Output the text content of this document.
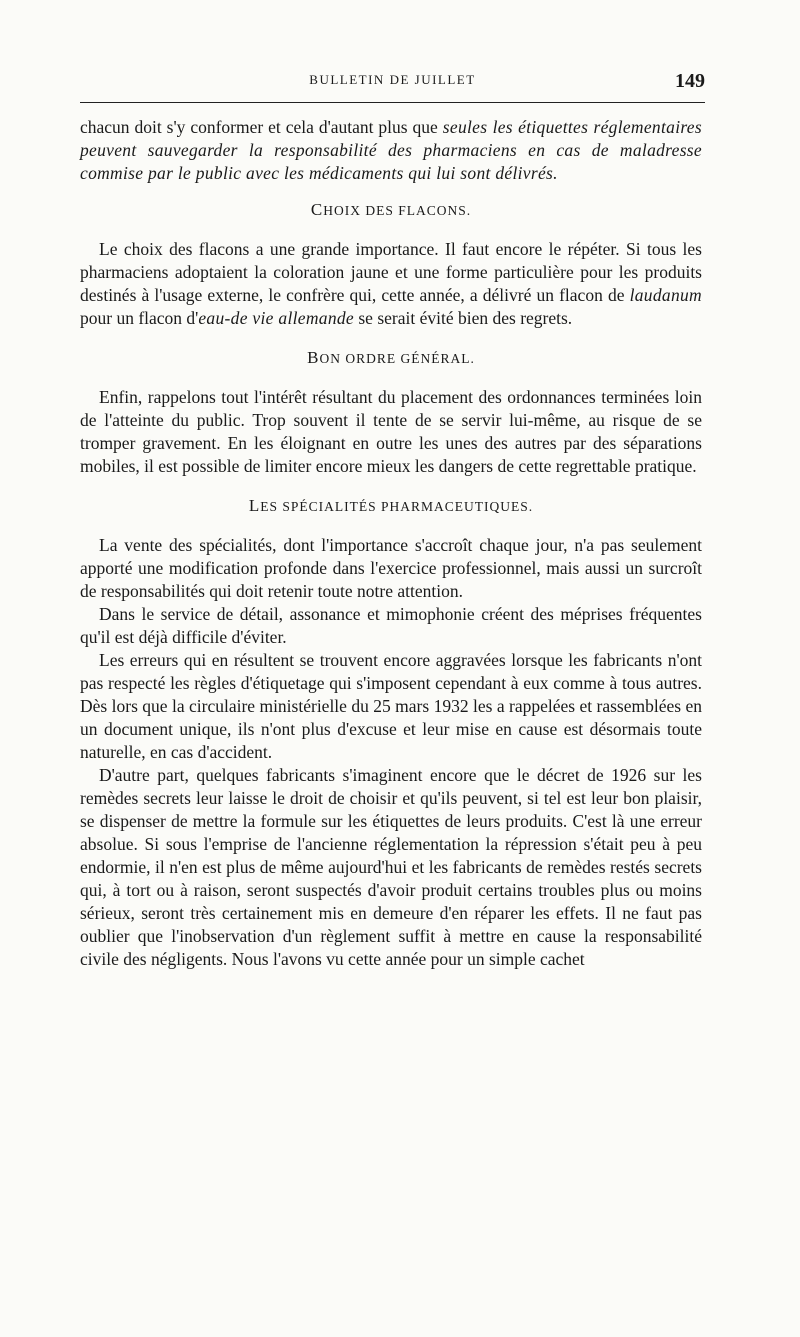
BULLETIN DE JUILLET	149

chacun doit s'y conformer et cela d'autant plus que seules les étiquettes réglementaires peuvent sauvegarder la responsabilité des pharmaciens en cas de maladresse commise par le public avec les médicaments qui lui sont délivrés.

CHOIX DES FLACONS.

Le choix des flacons a une grande importance. Il faut encore le répéter. Si tous les pharmaciens adoptaient la coloration jaune et une forme particulière pour les produits destinés à l'usage externe, le confrère qui, cette année, a délivré un flacon de laudanum pour un flacon d'eau-de vie allemande se serait évité bien des regrets.

BON ORDRE GÉNÉRAL.

Enfin, rappelons tout l'intérêt résultant du placement des ordonnances terminées loin de l'atteinte du public. Trop souvent il tente de se servir lui-même, au risque de se tromper gravement. En les éloignant en outre les unes des autres par des séparations mobiles, il est possible de limiter encore mieux les dangers de cette regrettable pratique.

LES SPÉCIALITÉS PHARMACEUTIQUES.

La vente des spécialités, dont l'importance s'accroît chaque jour, n'a pas seulement apporté une modification profonde dans l'exercice professionnel, mais aussi un surcroît de responsabilités qui doit retenir toute notre attention.

Dans le service de détail, assonance et mimophonie créent des méprises fréquentes qu'il est déjà difficile d'éviter.

Les erreurs qui en résultent se trouvent encore aggravées lorsque les fabricants n'ont pas respecté les règles d'étiquetage qui s'imposent cependant à eux comme à tous autres. Dès lors que la circulaire ministérielle du 25 mars 1932 les a rappelées et rassemblées en un document unique, ils n'ont plus d'excuse et leur mise en cause est désormais toute naturelle, en cas d'accident.

D'autre part, quelques fabricants s'imaginent encore que le décret de 1926 sur les remèdes secrets leur laisse le droit de choisir et qu'ils peuvent, si tel est leur bon plaisir, se dispenser de mettre la formule sur les étiquettes de leurs produits. C'est là une erreur absolue. Si sous l'emprise de l'ancienne réglementation la répression s'était peu à peu endormie, il n'en est plus de même aujourd'hui et les fabricants de remèdes restés secrets qui, à tort ou à raison, seront suspectés d'avoir produit certains troubles plus ou moins sérieux, seront très certainement mis en demeure d'en réparer les effets. Il ne faut pas oublier que l'inobservation d'un règlement suffit à mettre en cause la responsabilité civile des négligents. Nous l'avons vu cette année pour un simple cachet
